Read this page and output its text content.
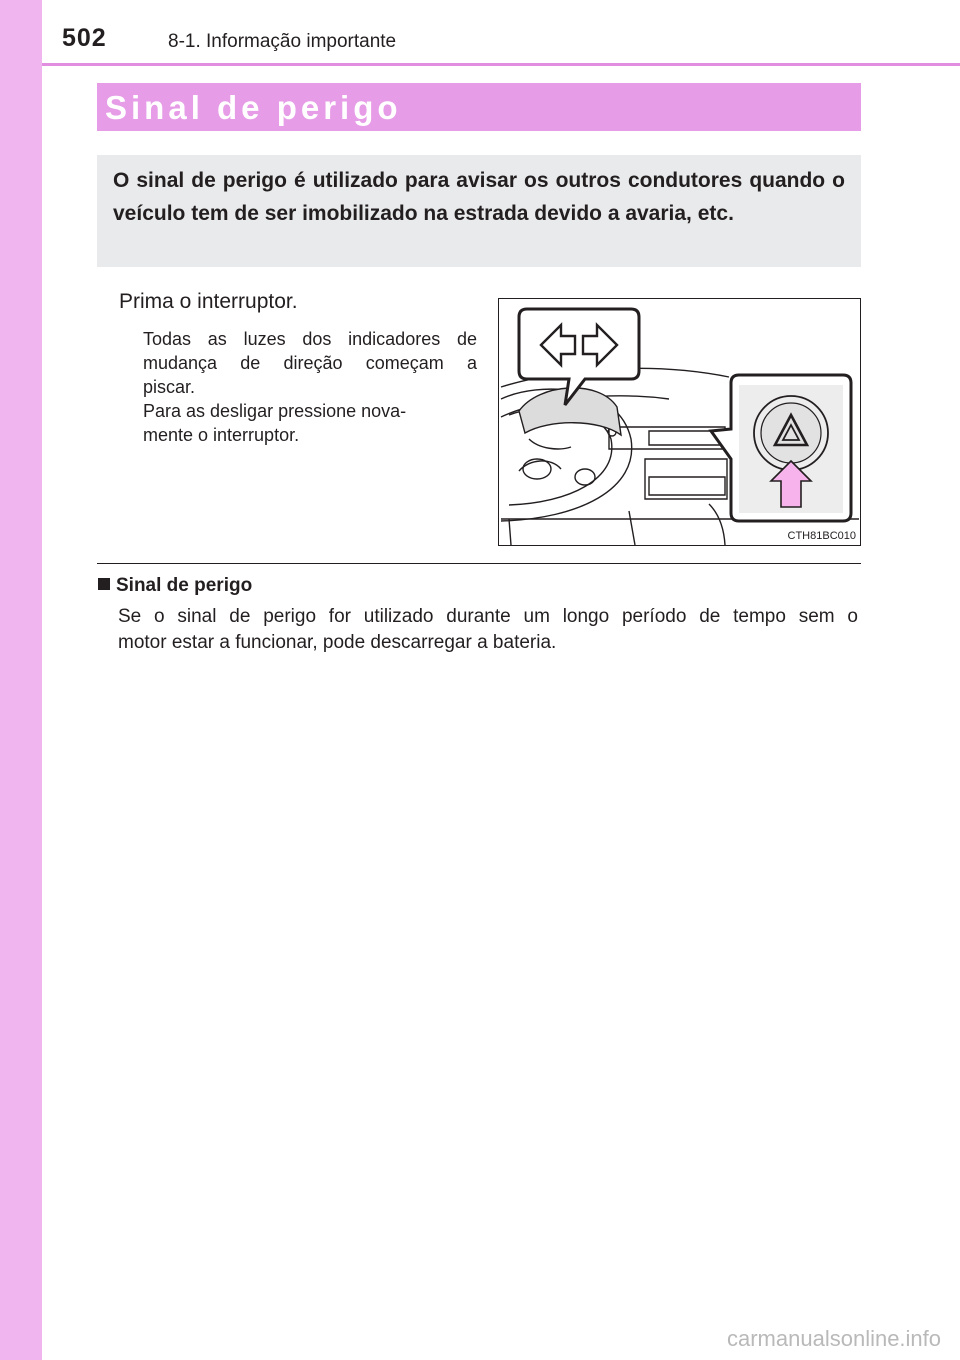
502	8-1. Informação importante
Sinal de perigo

O sinal de perigo é utilizado para avisar os outros condutores quando o veículo tem de ser imobilizado na estrada devido a avaria, etc.

Prima o interruptor.
Todas as luzes dos indicadores de
mudança de direção começam a
piscar.
Para as desligar pressione nova-
mente o interruptor.
CTH81BC010
Sinal de perigo
Se o sinal de perigo for utilizado durante um longo período de tempo sem o
motor estar a funcionar, pode descarregar a bateria.
carmanualsonline.info
